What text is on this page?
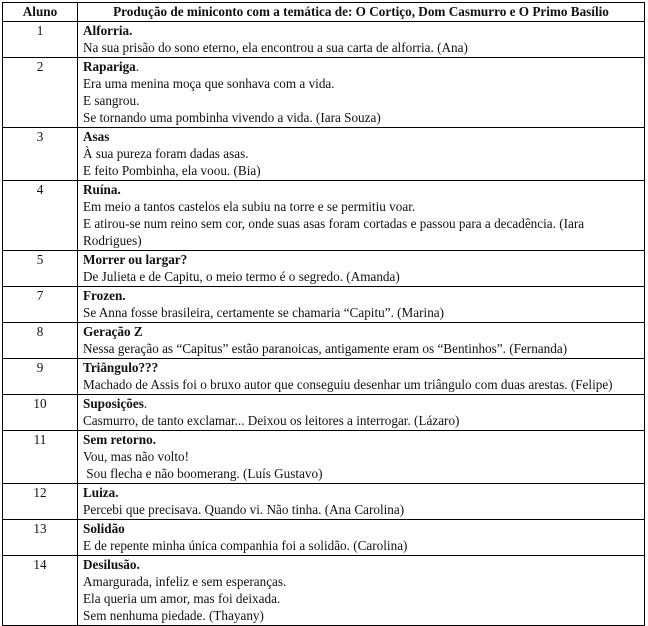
Aluno	Produção de miniconto com a temática de: O Cortiço, Dom Casmurro e O Primo Basílio
1	Alforria.
Na sua prisão do sono eterno, ela encontrou a sua carta de alforria. (Ana)

2	Rapariga.
Era uma menina moça que sonhava com a vida.
E sangrou.
Se tornando uma pombinha vivendo a vida. (Iara Souza)

3	Asas
À sua pureza foram dadas asas.
E feito Pombinha, ela voou. (Bia)

4	Ruína.
Em meio a tantos castelos ela subiu na torre e se permitiu voar.
E atirou-se num reino sem cor, onde suas asas foram cortadas e passou para a decadência. (Iara Rodrigues)

5	Morrer ou largar?
De Julieta e de Capitu, o meio termo é o segredo. (Amanda)

7	Frozen.
Se Anna fosse brasileira, certamente se chamaria “Capitu”. (Marina)

8	Geração Z
Nessa geração as “Capitus” estão paranoicas, antigamente eram os “Bentinhos”. (Fernanda)

9	Triângulo???
Machado de Assis foi o bruxo autor que conseguiu desenhar um triângulo com duas arestas. (Felipe)

10	Suposições.
Casmurro, de tanto exclamar... Deixou os leitores a interrogar. (Lázaro)

11	Sem retorno.
Vou, mas não volto!
Sou flecha e não boomerang. (Luís Gustavo)

12	Luiza.
Percebi que precisava. Quando vi. Não tinha. (Ana Carolina)

13	Solidão
E de repente minha única companhia foi a solidão. (Carolina)

14	Desilusão.
Amargurada, infeliz e sem esperanças.
Ela queria um amor, mas foi deixada.
Sem nenhuma piedade. (Thayany)
